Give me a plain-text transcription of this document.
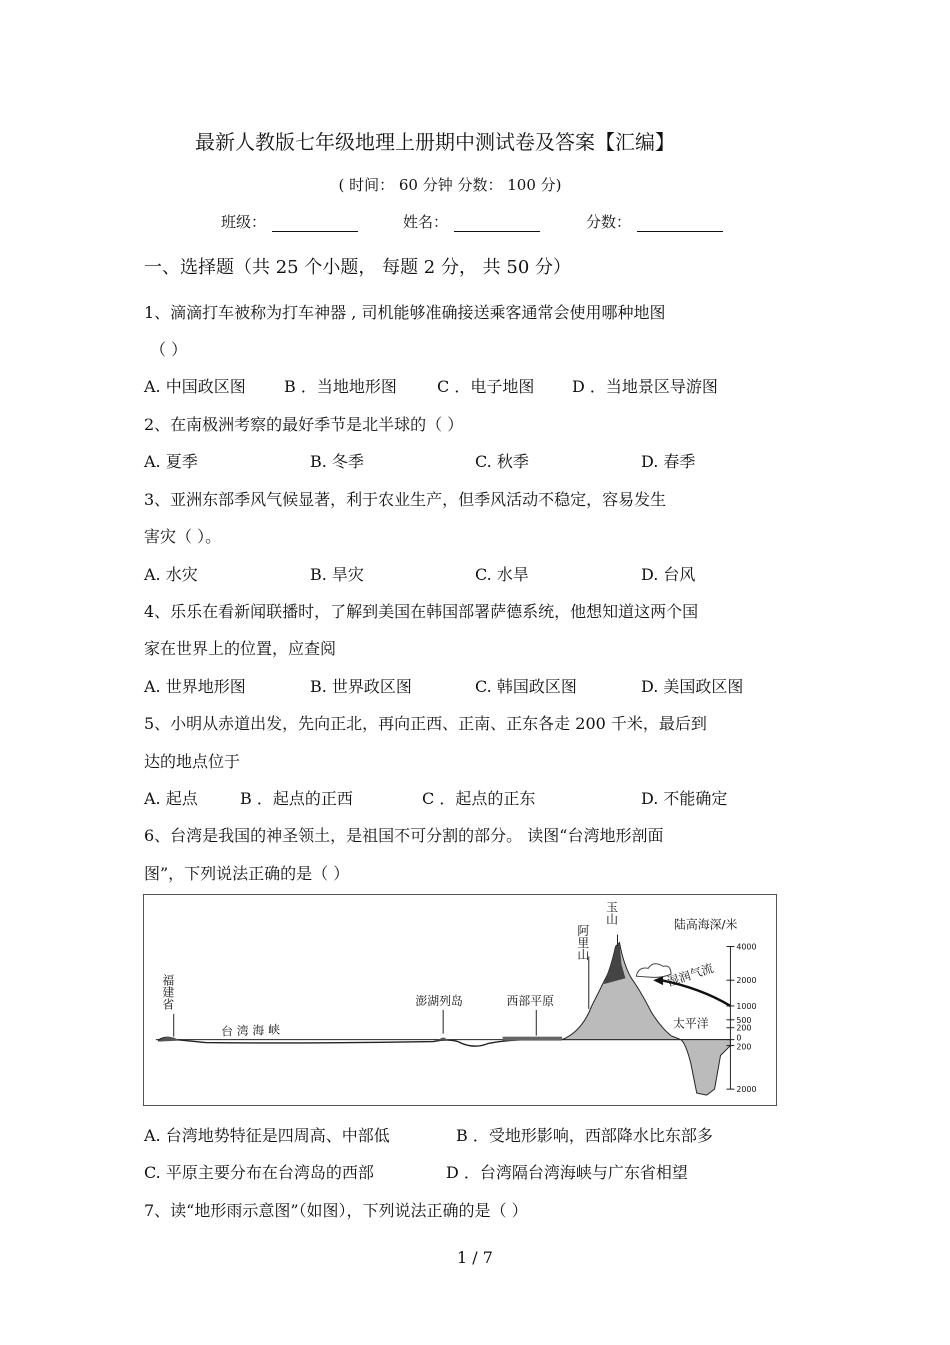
最新人教版七年级地理上册期中测试卷及答案【汇编】
( 时间： 60 分钟 分数： 100 分)
班级：	姓名：	分数：
一、选择题（共 25 个小题， 每题 2 分， 共 50 分）
1、滴滴打车被称为打车神器 , 司机能够准确接送乘客通常会使用哪种地图
（ ）
A. 中国政区图 B ．当地地形图	C ．电子地图 D ．当地景区导游图
2、在南极洲考察的最好季节是北半球的（ ）
A. 夏季	B. 冬季	C. 秋季	D. 春季
3、亚洲东部季风气候显著，利于农业生产，但季风活动不稳定，容易发生
害灾（ ）。
A. 水灾	B. 旱灾	C. 水旱	D. 台风
4、乐乐在看新闻联播时，了解到美国在韩国部署萨德系统，他想知道这两个国
家在世界上的位置，应查阅
A. 世界地形图	B. 世界政区图	C. 韩国政区图	D. 美国政区图
5、小明从赤道出发，先向正北，再向正西、正南、正东各走 200 千米，最后到
达的地点位于
A. 起点	B ．起点的正西	C ．起点的正东	D. 不能确定
6、台湾是我国的神圣领土，是祖国不可分割的部分。 读图“台湾地形剖面
图”，下列说法正确的是（ ）
4000
2000
1000
500
200
0
200
2000
陆高海深/米
台 湾 海 峡
澎湖列岛	西部平原
太平洋
湿润气流
福建省
阿里山
玉山
A. 台湾地势特征是四周高、中部低	B ．受地形影响，西部降水比东部多
C. 平原主要分布在台湾岛的西部	D ．台湾隔台湾海峡与广东省相望
7、读“地形雨示意图”（如图），下列说法正确的是（ ）
1 / 7
